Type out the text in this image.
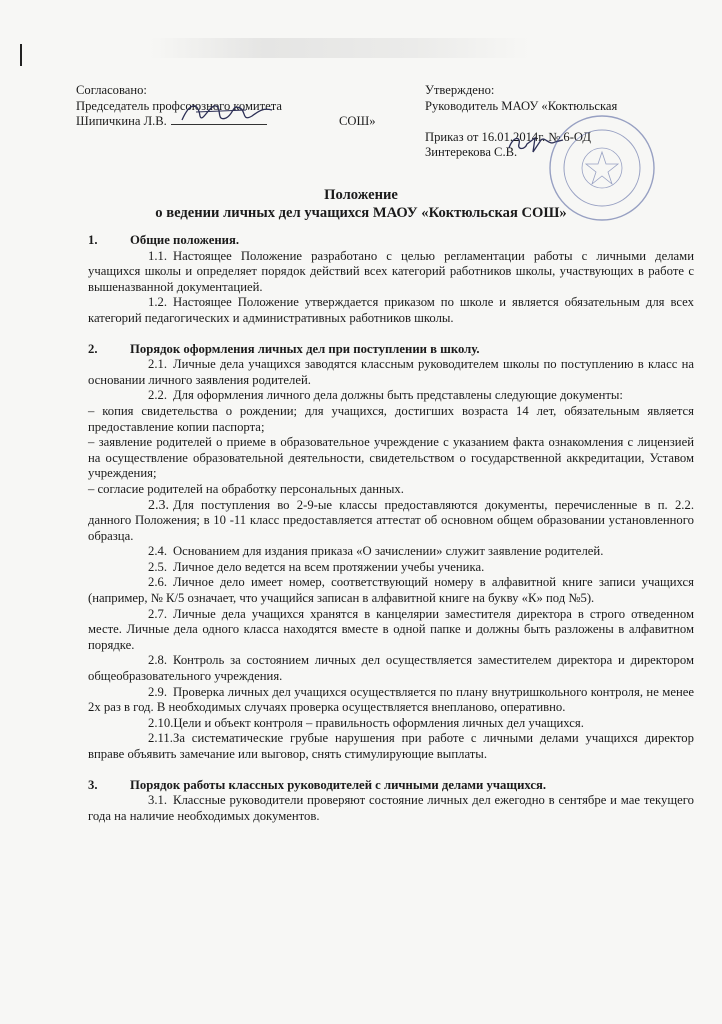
Согласовано:
Председатель профсоюзного комитета
Шипичкина Л.В.	СОШ»
Утверждено:
Руководитель МАОУ «Коктюльская
Приказ от 16.01.2014г. № 6-ОД
Зинтерекова С.В.
Положение
о ведении личных дел учащихся МАОУ «Коктюльская СОШ»
1.	Общие положения.
1.1. Настоящее Положение разработано с целью регламентации работы с личными делами учащихся школы и определяет порядок действий всех категорий работников школы, участвующих в работе с вышеназванной документацией.
1.2. Настоящее Положение утверждается приказом по школе и является обязательным для всех категорий педагогических и административных работников школы.
2.	Порядок оформления личных дел при поступлении в школу.
2.1. Личные дела учащихся заводятся классным руководителем школы по поступлению в класс на основании личного заявления родителей.
2.2. Для оформления личного дела должны быть представлены следующие документы:
– копия свидетельства о рождении; для учащихся, достигших возраста 14 лет, обязательным является предоставление копии паспорта;
– заявление родителей о приеме в образовательное учреждение с указанием факта ознакомления с лицензией на осуществление образовательной деятельности, свидетельством о государственной аккредитации, Уставом учреждения;
– согласие родителей на обработку персональных данных.
2.3. Для поступления во 2-9-ые классы предоставляются документы, перечисленные в п. 2.2. данного Положения; в 10 -11 класс предоставляется аттестат об основном общем образовании установленного образца.
2.4. Основанием для издания приказа «О зачислении» служит заявление родителей.
2.5. Личное дело ведется на всем протяжении учебы ученика.
2.6. Личное дело имеет номер, соответствующий номеру в алфавитной книге записи учащихся (например, № К/5 означает, что учащийся записан в алфавитной книге на букву «К» под №5).
2.7. Личные дела учащихся хранятся в канцелярии заместителя директора в строго отведенном месте. Личные дела одного класса находятся вместе в одной папке и должны быть разложены в алфавитном порядке.
2.8. Контроль за состоянием личных дел осуществляется заместителем директора и директором общеобразовательного учреждения.
2.9. Проверка личных дел учащихся осуществляется по плану внутришкольного контроля, не менее 2х раз в год. В необходимых случаях проверка осуществляется внепланово, оперативно.
2.10.Цели и объект контроля – правильность оформления личных дел учащихся.
2.11.За систематические грубые нарушения при работе с личными делами учащихся директор вправе объявить замечание или выговор, снять стимулирующие выплаты.
3.	Порядок работы классных руководителей с личными делами учащихся.
3.1. Классные руководители проверяют состояние личных дел ежегодно в сентябре и мае текущего года на наличие необходимых документов.
